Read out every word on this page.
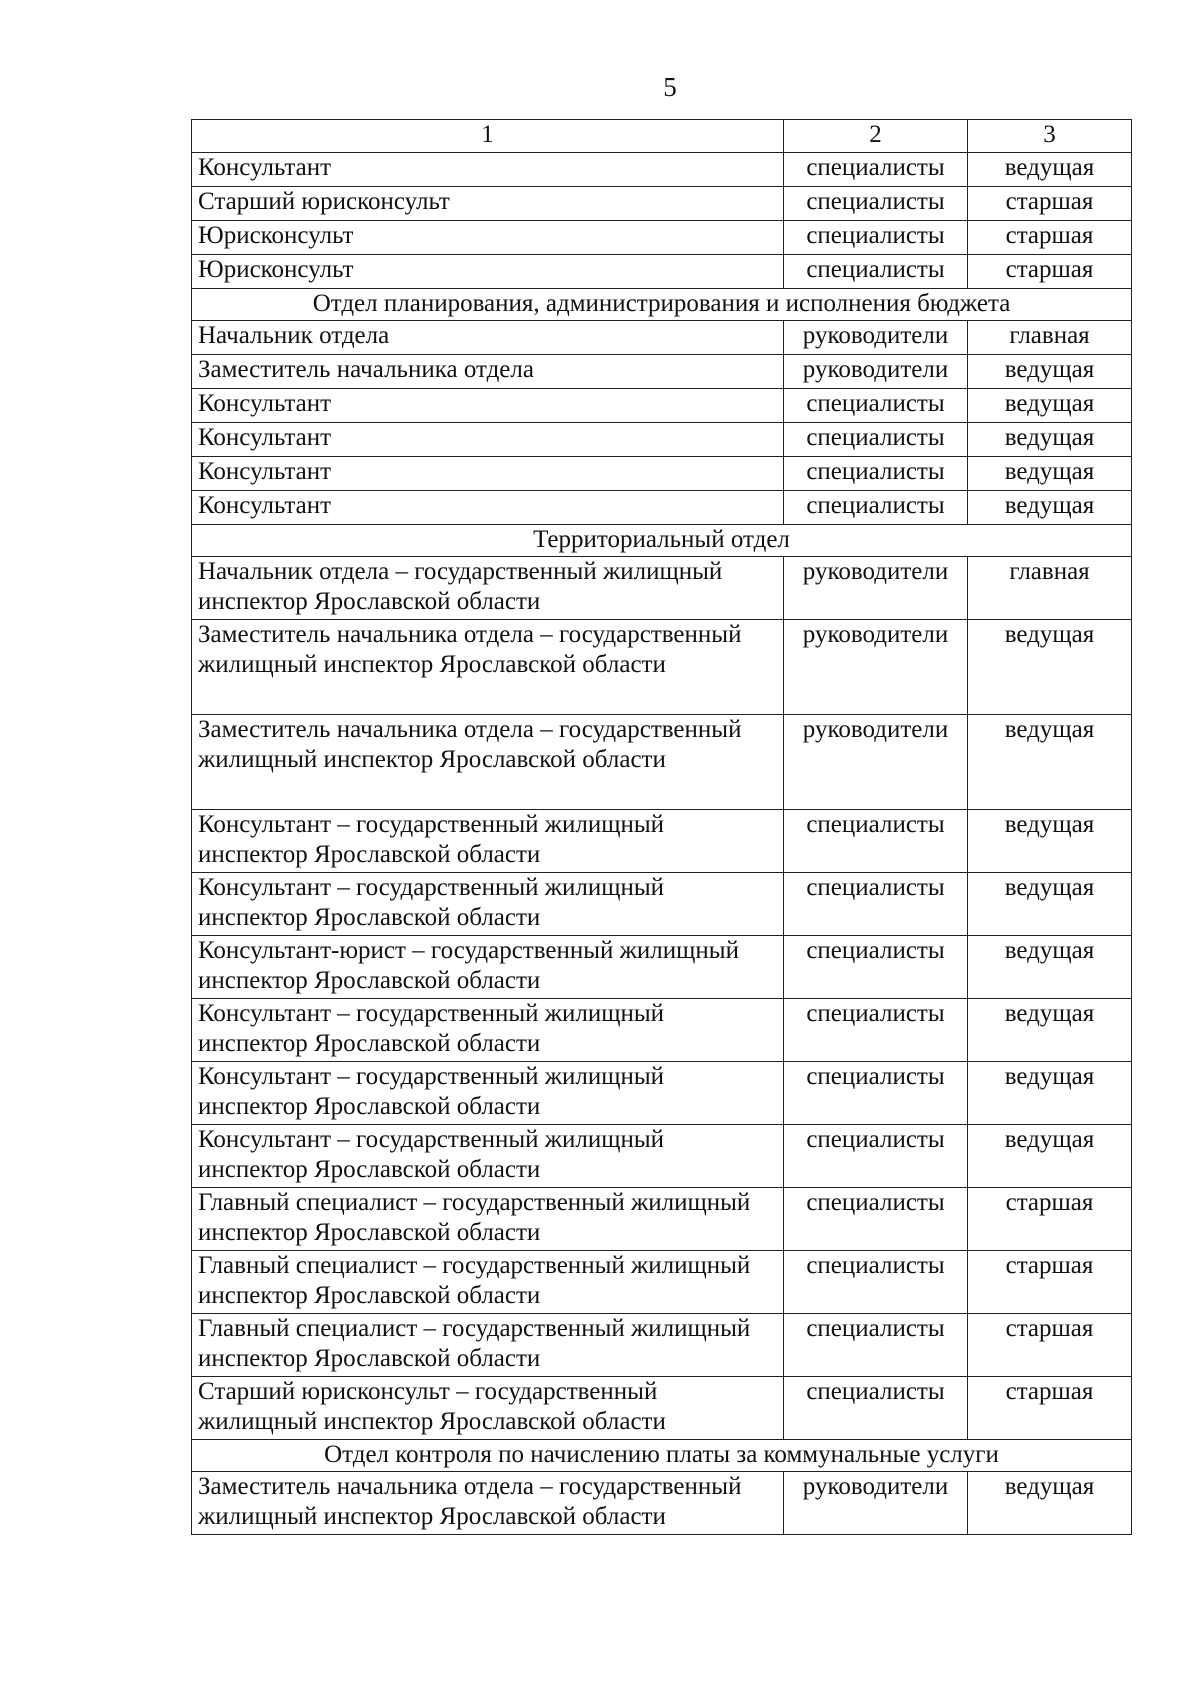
5
1	2	3
Консультант	специалисты	ведущая
Старший юрисконсульт	специалисты	старшая
Юрисконсульт	специалисты	старшая
Юрисконсульт	специалисты	старшая
Отдел планирования, администрирования и исполнения бюджета		
Начальник отдела	руководители	главная
Заместитель начальника отдела	руководители	ведущая
Консультант	специалисты	ведущая
Консультант	специалисты	ведущая
Консультант	специалисты	ведущая
Консультант	специалисты	ведущая
Территориальный отдел		
Начальник отдела – государственный жилищный инспектор Ярославской области	руководители	главная
Заместитель начальника отдела – государственный жилищный инспектор Ярославской области	руководители	ведущая
Заместитель начальника отдела – государственный жилищный инспектор Ярославской области	руководители	ведущая
Консультант – государственный жилищный инспектор Ярославской области	специалисты	ведущая
Консультант – государственный жилищный инспектор Ярославской области	специалисты	ведущая
Консультант-юрист – государственный жилищный инспектор Ярославской области	специалисты	ведущая
Консультант – государственный жилищный инспектор Ярославской области	специалисты	ведущая
Консультант – государственный жилищный инспектор Ярославской области	специалисты	ведущая
Консультант – государственный жилищный инспектор Ярославской области	специалисты	ведущая
Главный специалист – государственный жилищный инспектор Ярославской области	специалисты	старшая
Главный специалист – государственный жилищный инспектор Ярославской области	специалисты	старшая
Главный специалист – государственный жилищный инспектор Ярославской области	специалисты	старшая
Старший юрисконсульт – государственный жилищный инспектор Ярославской области	специалисты	старшая
Отдел контроля по начислению платы за коммунальные услуги		
Заместитель начальника отдела – государственный жилищный инспектор Ярославской области	руководители	ведущая
